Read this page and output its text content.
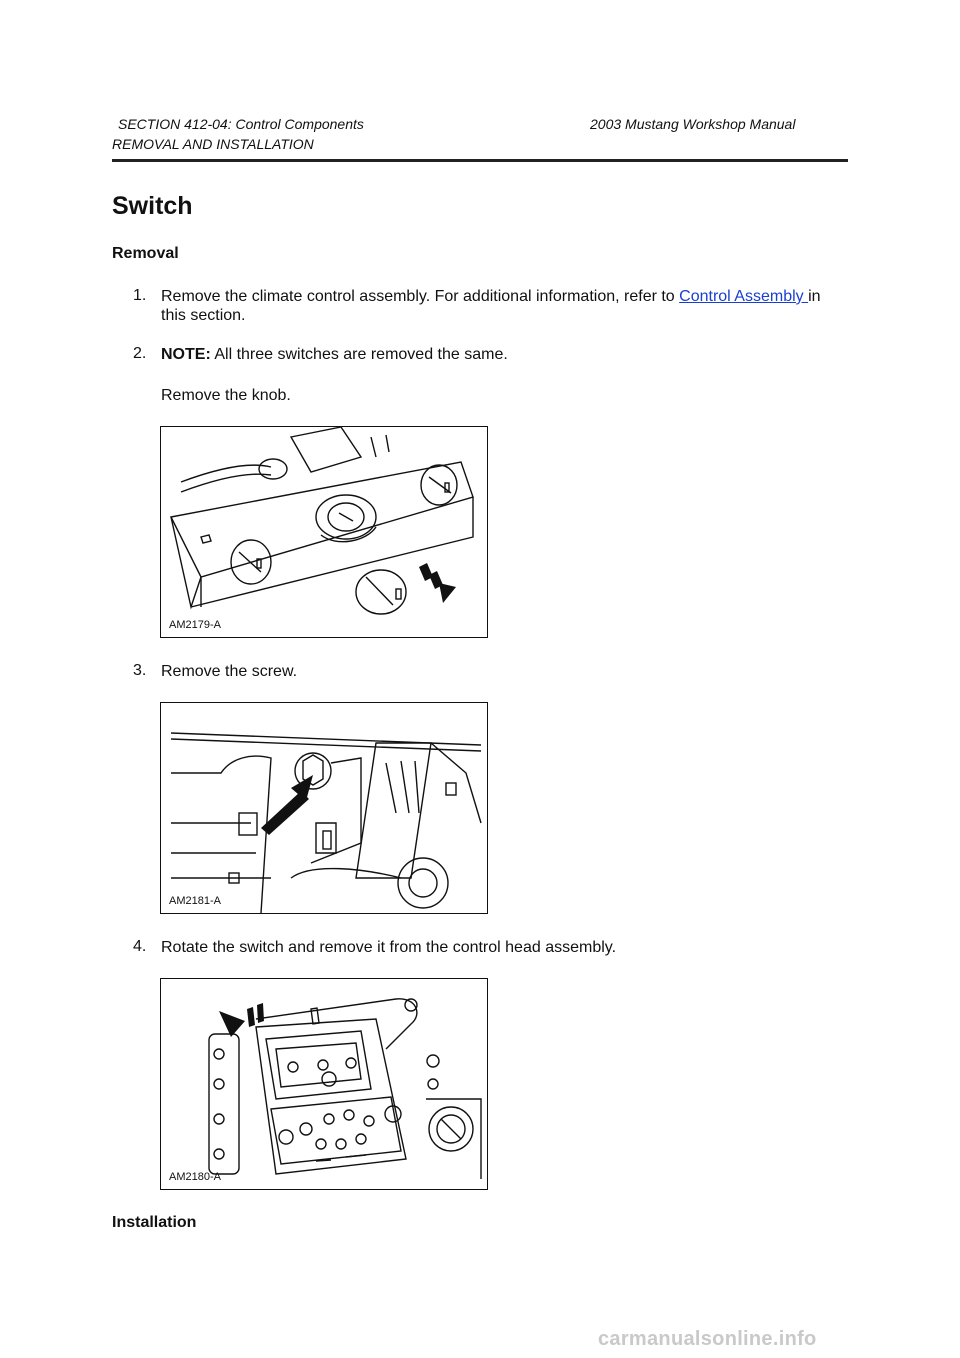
SECTION 412-04: Control Components	2003 Mustang Workshop Manual
REMOVAL AND INSTALLATION
Switch
Removal
1. Remove the climate control assembly. For additional information, refer to Control Assembly in this section.
2. NOTE: All three switches are removed the same.
Remove the knob.
AM2179-A
3. Remove the screw.
AM2181-A
4. Rotate the switch and remove it from the control head assembly.
AM2180-A
Installation
carmanualsonline.info
